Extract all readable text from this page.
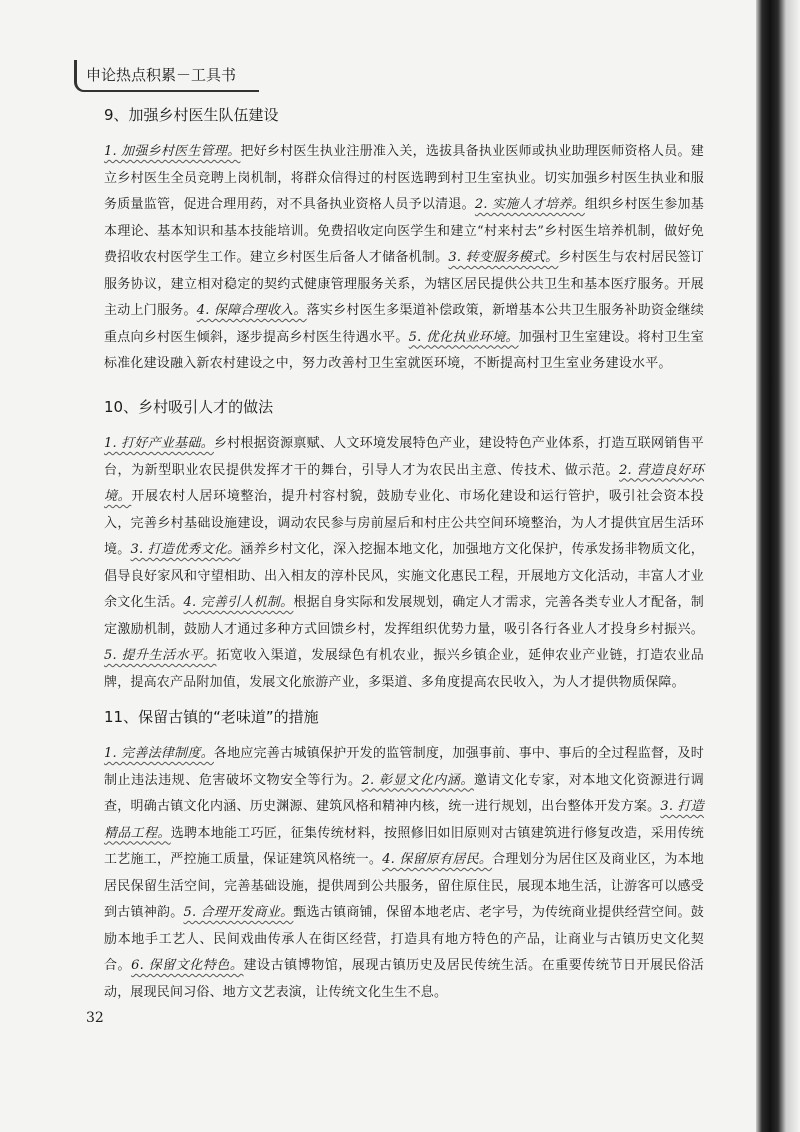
申论热点积累－工具书
9、加强乡村医生队伍建设

1. 加强乡村医生管理。把好乡村医生执业注册准入关，选拔具备执业医师或执业助理医师资格人员。建立乡村医生全员竞聘上岗机制，将群众信得过的村医选聘到村卫生室执业。切实加强乡村医生执业和服务质量监管，促进合理用药，对不具备执业资格人员予以清退。2. 实施人才培养。组织乡村医生参加基本理论、基本知识和基本技能培训。免费招收定向医学生和建立“村来村去”乡村医生培养机制，做好免费招收农村医学生工作。建立乡村医生后备人才储备机制。3. 转变服务模式。乡村医生与农村居民签订服务协议，建立相对稳定的契约式健康管理服务关系，为辖区居民提供公共卫生和基本医疗服务。开展主动上门服务。4. 保障合理收入。落实乡村医生多渠道补偿政策，新增基本公共卫生服务补助资金继续重点向乡村医生倾斜，逐步提高乡村医生待遇水平。5. 优化执业环境。加强村卫生室建设。将村卫生室标准化建设融入新农村建设之中，努力改善村卫生室就医环境，不断提高村卫生室业务建设水平。

10、乡村吸引人才的做法

1. 打好产业基础。乡村根据资源禀赋、人文环境发展特色产业，建设特色产业体系，打造互联网销售平台，为新型职业农民提供发挥才干的舞台，引导人才为农民出主意、传技术、做示范。2. 营造良好环境。开展农村人居环境整治，提升村容村貌，鼓励专业化、市场化建设和运行管护，吸引社会资本投入，完善乡村基础设施建设，调动农民参与房前屋后和村庄公共空间环境整治，为人才提供宜居生活环境。3. 打造优秀文化。涵养乡村文化，深入挖掘本地文化，加强地方文化保护，传承发扬非物质文化，倡导良好家风和守望相助、出入相友的淳朴民风，实施文化惠民工程，开展地方文化活动，丰富人才业余文化生活。4. 完善引人机制。根据自身实际和发展规划，确定人才需求，完善各类专业人才配备，制定激励机制，鼓励人才通过多种方式回馈乡村，发挥组织优势力量，吸引各行各业人才投身乡村振兴。5. 提升生活水平。拓宽收入渠道，发展绿色有机农业，振兴乡镇企业，延伸农业产业链，打造农业品牌，提高农产品附加值，发展文化旅游产业，多渠道、多角度提高农民收入，为人才提供物质保障。

11、保留古镇的“老味道”的措施

1. 完善法律制度。各地应完善古城镇保护开发的监管制度，加强事前、事中、事后的全过程监督，及时制止违法违规、危害破坏文物安全等行为。2. 彰显文化内涵。邀请文化专家，对本地文化资源进行调查，明确古镇文化内涵、历史渊源、建筑风格和精神内核，统一进行规划，出台整体开发方案。3. 打造精品工程。选聘本地能工巧匠，征集传统材料，按照修旧如旧原则对古镇建筑进行修复改造，采用传统工艺施工，严控施工质量，保证建筑风格统一。4. 保留原有居民。合理划分为居住区及商业区，为本地居民保留生活空间，完善基础设施，提供周到公共服务，留住原住民，展现本地生活，让游客可以感受到古镇神韵。5. 合理开发商业。甄选古镇商铺，保留本地老店、老字号，为传统商业提供经营空间。鼓励本地手工艺人、民间戏曲传承人在街区经营，打造具有地方特色的产品，让商业与古镇历史文化契合。6. 保留文化特色。建设古镇博物馆，展现古镇历史及居民传统生活。在重要传统节日开展民俗活动，展现民间习俗、地方文艺表演，让传统文化生生不息。

32
